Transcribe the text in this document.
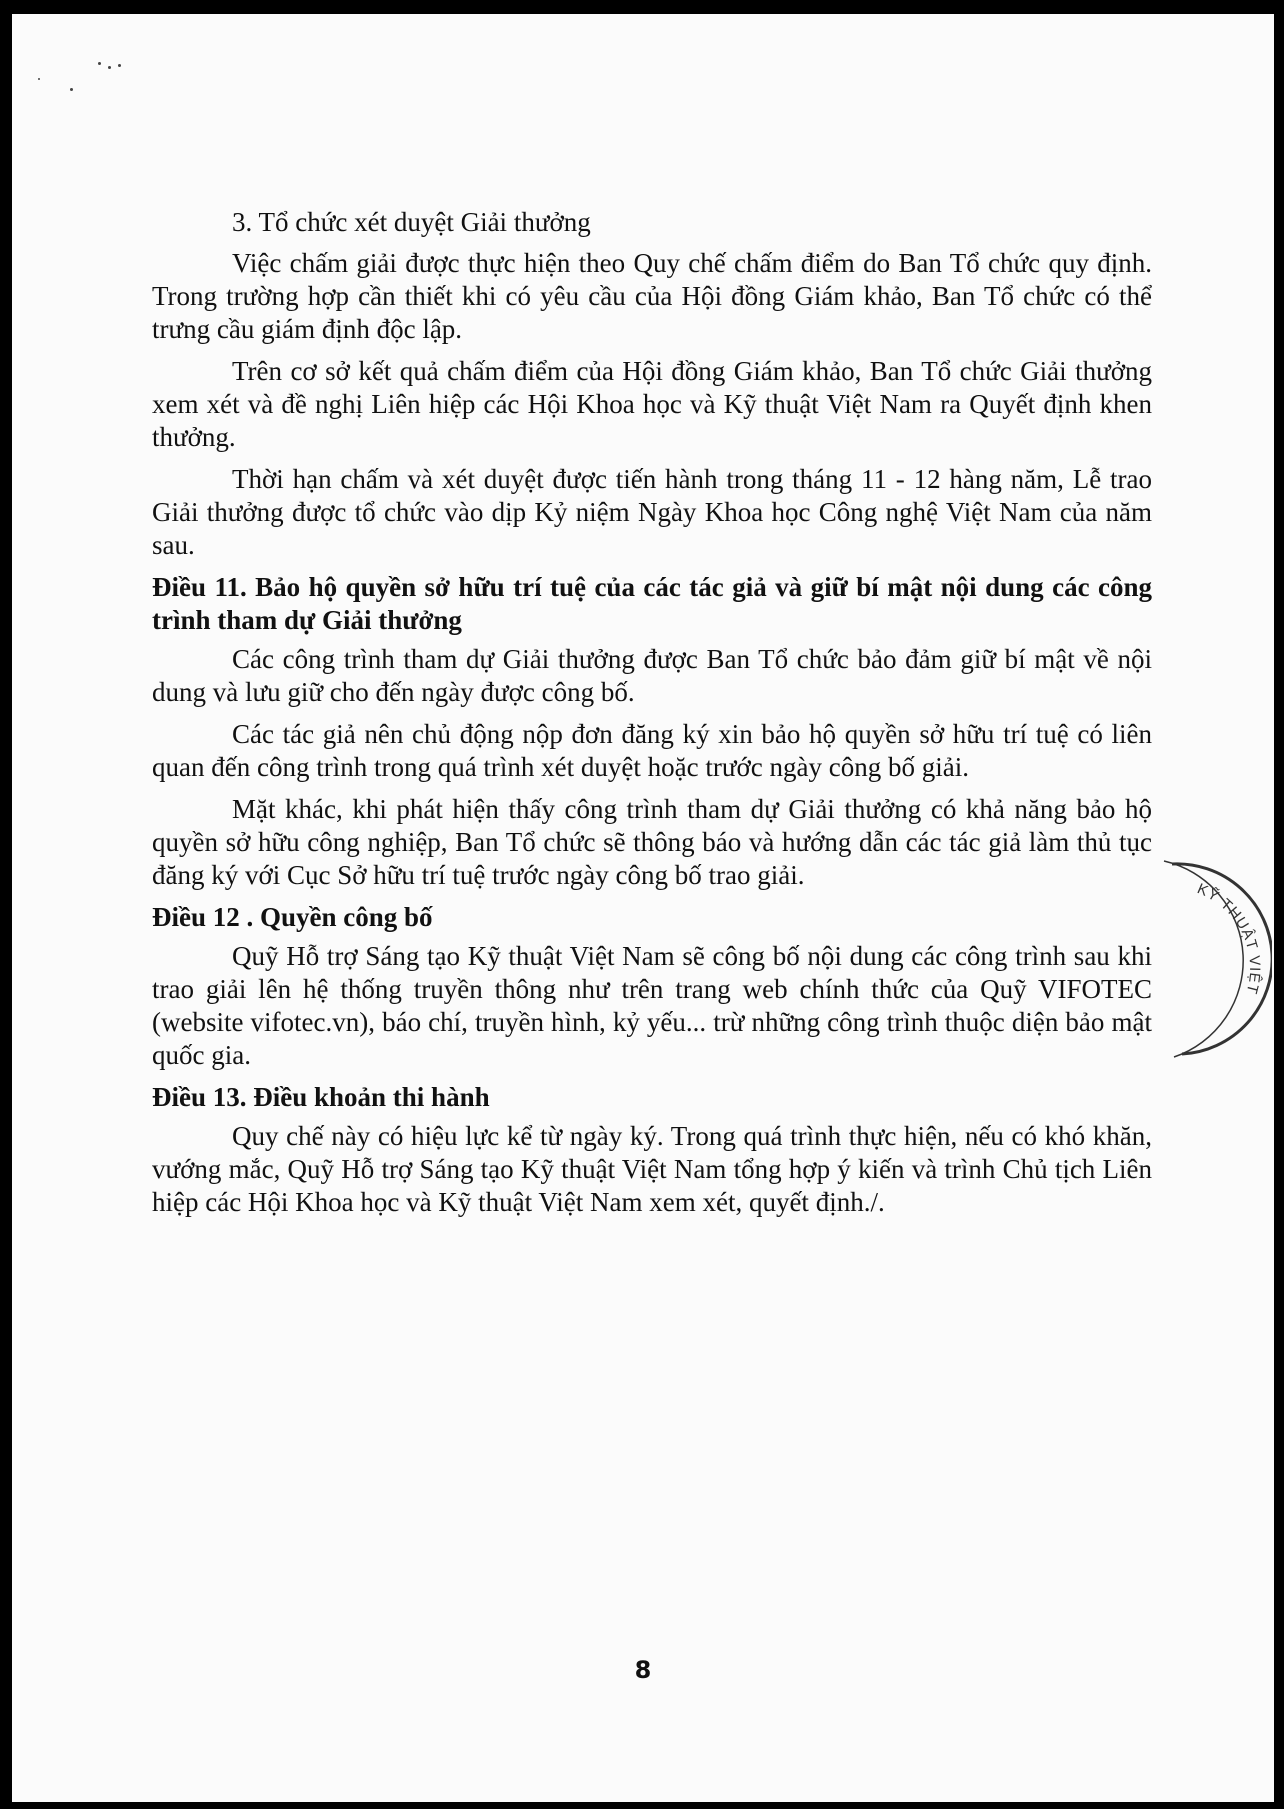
3. Tổ chức xét duyệt Giải thưởng

Việc chấm giải được thực hiện theo Quy chế chấm điểm do Ban Tổ chức quy định. Trong trường hợp cần thiết khi có yêu cầu của Hội đồng Giám khảo, Ban Tổ chức có thể trưng cầu giám định độc lập.

Trên cơ sở kết quả chấm điểm của Hội đồng Giám khảo, Ban Tổ chức Giải thưởng xem xét và đề nghị Liên hiệp các Hội Khoa học và Kỹ thuật Việt Nam ra Quyết định khen thưởng.

Thời hạn chấm và xét duyệt được tiến hành trong tháng 11 - 12 hàng năm, Lễ trao Giải thưởng được tổ chức vào dịp Kỷ niệm Ngày Khoa học Công nghệ Việt Nam của năm sau.

Điều 11. Bảo hộ quyền sở hữu trí tuệ của các tác giả và giữ bí mật nội dung các công trình tham dự Giải thưởng

Các công trình tham dự Giải thưởng được Ban Tổ chức bảo đảm giữ bí mật về nội dung và lưu giữ cho đến ngày được công bố.

Các tác giả nên chủ động nộp đơn đăng ký xin bảo hộ quyền sở hữu trí tuệ có liên quan đến công trình trong quá trình xét duyệt hoặc trước ngày công bố giải.

Mặt khác, khi phát hiện thấy công trình tham dự Giải thưởng có khả năng bảo hộ quyền sở hữu công nghiệp, Ban Tổ chức sẽ thông báo và hướng dẫn các tác giả làm thủ tục đăng ký với Cục Sở hữu trí tuệ trước ngày công bố trao giải.

Điều 12 . Quyền công bố

Quỹ Hỗ trợ Sáng tạo Kỹ thuật Việt Nam sẽ công bố nội dung các công trình sau khi trao giải lên hệ thống truyền thông như trên trang web chính thức của Quỹ VIFOTEC (website vifotec.vn), báo chí, truyền hình, kỷ yếu... trừ những công trình thuộc diện bảo mật quốc gia.

Điều 13. Điều khoản thi hành

Quy chế này có hiệu lực kể từ ngày ký. Trong quá trình thực hiện, nếu có khó khăn, vướng mắc, Quỹ Hỗ trợ Sáng tạo Kỹ thuật Việt Nam tổng hợp ý kiến và trình Chủ tịch Liên hiệp các Hội Khoa học và Kỹ thuật Việt Nam xem xét, quyết định./.

KỸ THUẬT VIỆT
8
